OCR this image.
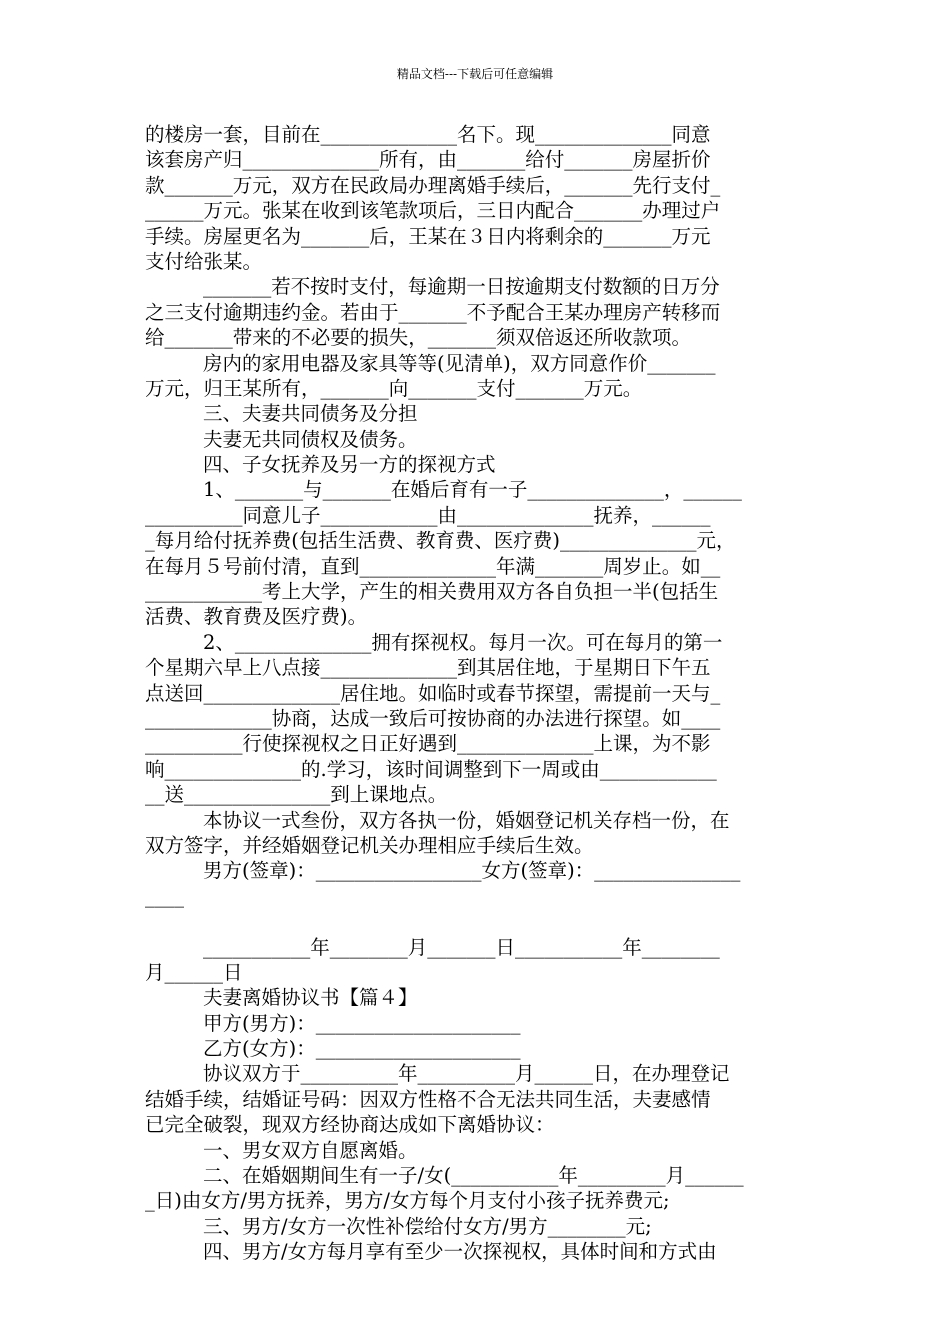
精品文档---下载后可任意编辑
的楼房一套，目前在______________名下。现______________同意
该套房产归______________所有，由_______给付_______房屋折价
款_______万元，双方在民政局办理离婚手续后，_______先行支付_
______万元。张某在收到该笔款项后，三日内配合_______办理过户
手续。房屋更名为_______后，王某在３日内将剩余的_______万元
支付给张某。
_______若不按时支付，每逾期一日按逾期支付数额的日万分
之三支付逾期违约金。若由于_______不予配合王某办理房产转移而
给_______带来的不必要的损失，_______须双倍返还所收款项。
房内的家用电器及家具等等(见清单)，双方同意作价_______
万元，归王某所有，_______向_______支付_______万元。
三、夫妻共同债务及分担
夫妻无共同债权及债务。
四、子女抚养及另一方的探视方式
1、_______与_______在婚后育有一子______________，______
__________同意儿子____________由______________抚养，______
_每月给付抚养费(包括生活费、教育费、医疗费)______________元，
在每月５号前付清，直到______________年满_______周岁止。如__
____________考上大学，产生的相关费用双方各自负担一半(包括生
活费、教育费及医疗费)。
2、______________拥有探视权。每月一次。可在每月的第一
个星期六早上八点接______________到其居住地，于星期日下午五
点送回______________居住地。如临时或春节探望，需提前一天与_
_____________协商，达成一致后可按协商的办法进行探望。如____
__________行使探视权之日正好遇到______________上课，为不影
响______________的.学习，该时间调整到下一周或由____________
__送_______________到上课地点。
本协议一式叁份，双方各执一份，婚姻登记机关存档一份，在
双方签字，并经婚姻登记机关办理相应手续后生效。
男方(签章)：_________________女方(签章)：_______________
____
___________年________月_______日___________年________
月______日
夫妻离婚协议书【篇４】
甲方(男方)：_____________________
乙方(女方)：_____________________
协议双方于__________年__________月______日，在办理登记
结婚手续，结婚证号码：因双方性格不合无法共同生活，夫妻感情
已完全破裂，现双方经协商达成如下离婚协议：
一、男女双方自愿离婚。
二、在婚姻期间生有一子/女(___________年_________月______
_日)由女方/男方抚养，男方/女方每个月支付小孩子抚养费元;
三、男方/女方一次性补偿给付女方/男方________元;
四、男方/女方每月享有至少一次探视权，具体时间和方式由
